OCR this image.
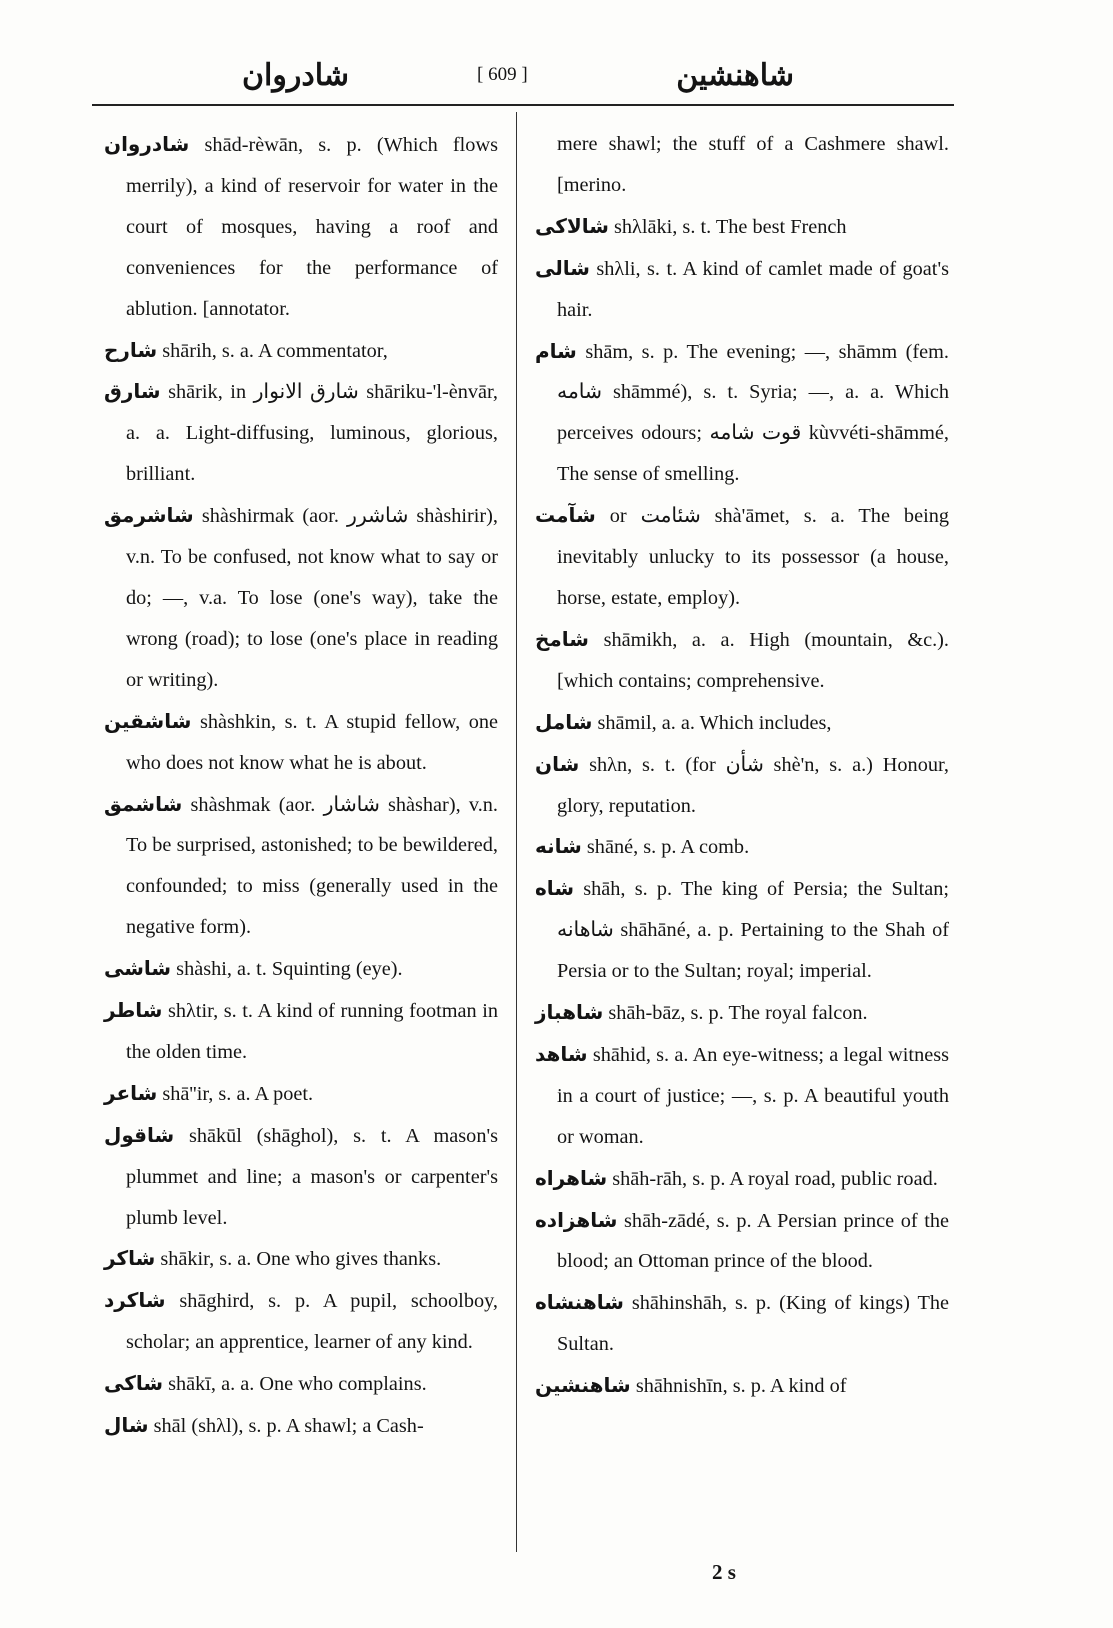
شادروان	[ 609 ]	شاهنشين
شادروان shād-rèwān, s. p. (Which flows merrily), a kind of reservoir for water in the court of mosques, having a roof and conveniences for the performance of ablution. [annotator.
شارح shārih, s. a. A commentator,
شارق shārik, in شارق الانوار shāriku-'l-ènvār, a. a. Light-diffusing, luminous, glorious, brilliant.
شاشرمق shàshirmak (aor. شاشرر shàshirir), v.n. To be confused, not know what to say or do; —, v.a. To lose (one's way), take the wrong (road); to lose (one's place in reading or writing).
شاشقين shàshkin, s. t. A stupid fellow, one who does not know what he is about.
شاشمق shàshmak (aor. شاشار shàshar), v.n. To be surprised, astonished; to be bewildered, confounded; to miss (generally used in the negative form).
شاشى shàshi, a. t. Squinting (eye).
شاطر shλtir, s. t. A kind of running footman in the olden time.
شاعر shā''ir, s. a. A poet.
شاقول shākūl (shāghol), s. t. A mason's plummet and line; a mason's or carpenter's plumb level.
شاكر shākir, s. a. One who gives thanks.
شاكرد shāghird, s. p. A pupil, schoolboy, scholar; an apprentice, learner of any kind.
شاكى shākī, a. a. One who complains.
شال shāl (shλl), s. p. A shawl; a Cash-
mere shawl; the stuff of a Cashmere shawl. [merino.
شالاكى shλlāki, s. t. The best French
شالى shλli, s. t. A kind of camlet made of goat's hair.
شام shām, s. p. The evening; —, shāmm (fem. شامه shāmmé), s. t. Syria; —, a. a. Which perceives odours; قوت شامه kùvvéti-shāmmé, The sense of smelling.
شآمت or شئامت shà'āmet, s. a. The being inevitably unlucky to its possessor (a house, horse, estate, employ).
شامخ shāmikh, a. a. High (mountain, &c.). [which contains; comprehensive.
شامل shāmil, a. a. Which includes,
شان shλn, s. t. (for شأن shè'n, s. a.) Honour, glory, reputation.
شانه shāné, s. p. A comb.
شاه shāh, s. p. The king of Persia; the Sultan; شاهانه shāhāné, a. p. Pertaining to the Shah of Persia or to the Sultan; royal; imperial.
شاهباز shāh-bāz, s. p. The royal falcon.
شاهد shāhid, s. a. An eye-witness; a legal witness in a court of justice; —, s. p. A beautiful youth or woman.
شاهراه shāh-rāh, s. p. A royal road, public road.
شاهزاده shāh-zādé, s. p. A Persian prince of the blood; an Ottoman prince of the blood.
شاهنشاه shāhinshāh, s. p. (King of kings) The Sultan.
شاهنشين shāhnishīn, s. p. A kind of
2 s
